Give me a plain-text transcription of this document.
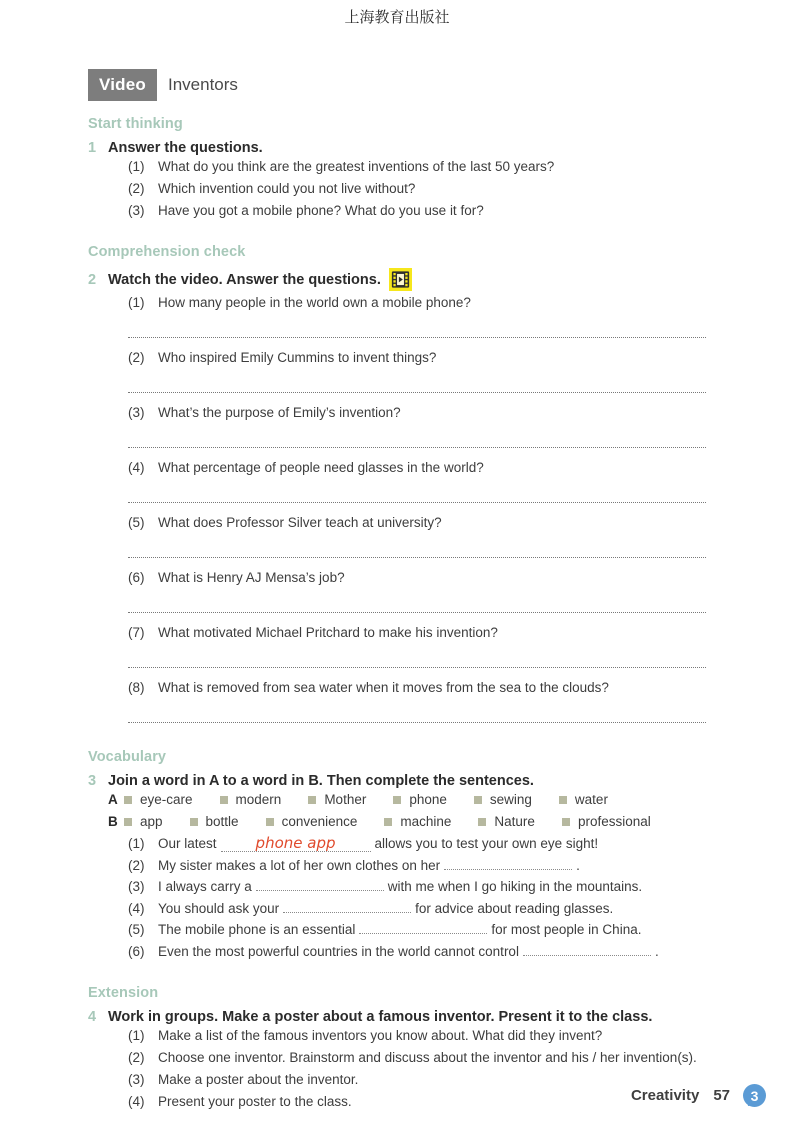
上海教育出版社
Video	Inventors
Start thinking
1 Answer the questions.
(1)	What do you think are the greatest inventions of the last 50 years?
(2)	Which invention could you not live without?
(3)	Have you got a mobile phone? What do you use it for?
Comprehension check
2 Watch the video. Answer the questions.
(1)	How many people in the world own a mobile phone?
(2)	Who inspired Emily Cummins to invent things?
(3)	What’s the purpose of Emily’s invention?
(4)	What percentage of people need glasses in the world?
(5)	What does Professor Silver teach at university?
(6)	What is Henry AJ Mensa’s job?
(7)	What motivated Michael Pritchard to make his invention?
(8)	What is removed from sea water when it moves from the sea to the clouds?
Vocabulary
3 Join a word in A to a word in B. Then complete the sentences.
A	eye-care	modern	Mother	phone	sewing	water
B	app	bottle	convenience	machine	Nature	professional
(1)	Our latest	phone app	allows you to test your own eye sight!
(2)	My sister makes a lot of her own clothes on her	.
(3)	I always carry a	with me when I go hiking in the mountains.
(4)	You should ask your	for advice about reading glasses.
(5)	The mobile phone is an essential	for most people in China.
(6)	Even the most powerful countries in the world cannot control	.
Extension
4 Work in groups. Make a poster about a famous inventor. Present it to the class.
(1)	Make a list of the famous inventors you know about. What did they invent?
(2)	Choose one inventor. Brainstorm and discuss about the inventor and his / her invention(s).
(3)	Make a poster about the inventor.
(4)	Present your poster to the class.	Creativity 57	3
